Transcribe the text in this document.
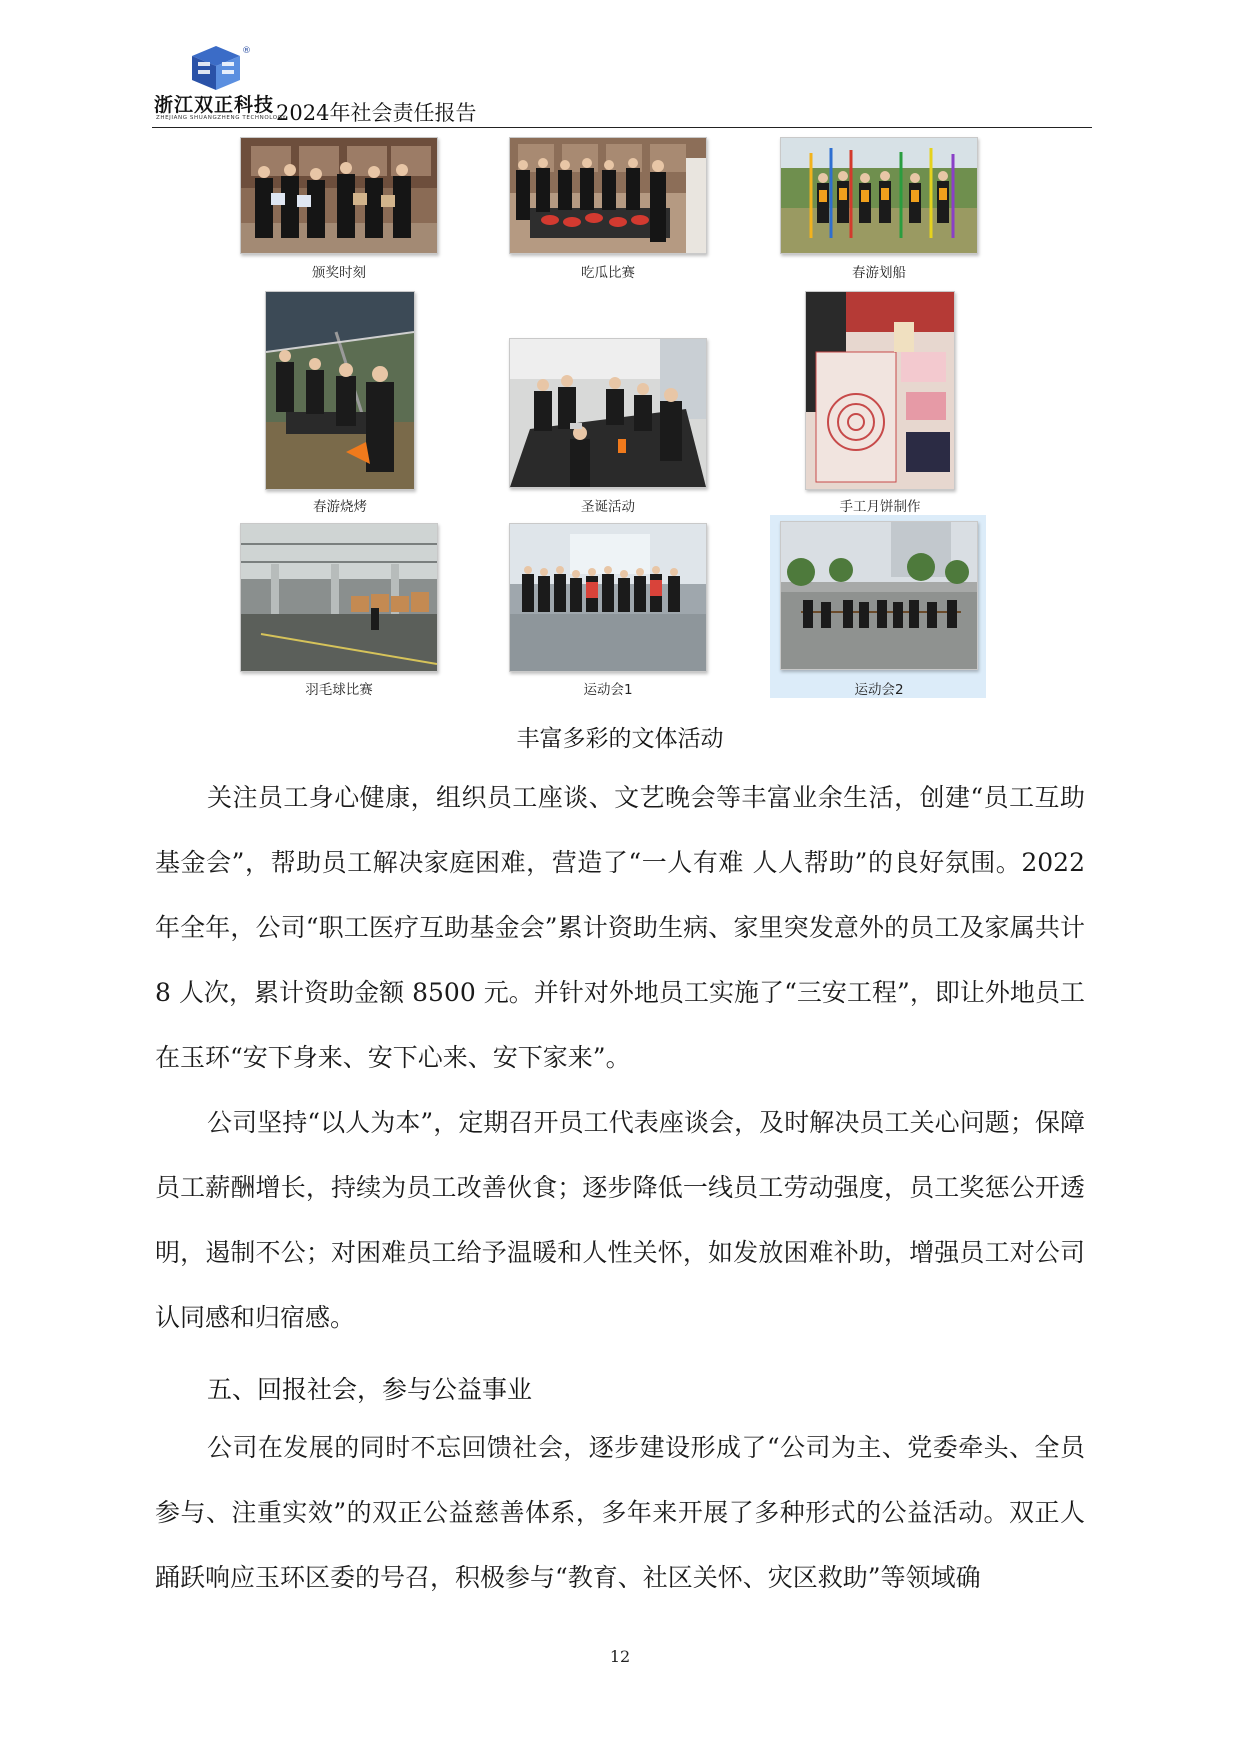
®
浙江双正科技
ZHEJIANG SHUANGZHENG TECHNOLOGY
2024年社会责任报告
颁奖时刻	吃瓜比赛	春游划船
春游烧烤	圣诞活动	手工月饼制作
羽毛球比赛	运动会1	运动会2
丰富多彩的文体活动
关注员工身心健康，组织员工座谈、文艺晚会等丰富业余生活，创建“员工互助基金会”，帮助员工解决家庭困难，营造了“一人有难 人人帮助”的良好氛围。2022 年全年，公司“职工医疗互助基金会”累计资助生病、家里突发意外的员工及家属共计 8 人次，累计资助金额 8500 元。并针对外地员工实施了“三安工程”，即让外地员工在玉环“安下身来、安下心来、安下家来”。
公司坚持“以人为本”，定期召开员工代表座谈会，及时解决员工关心问题；保障员工薪酬增长，持续为员工改善伙食；逐步降低一线员工劳动强度，员工奖惩公开透明，遏制不公；对困难员工给予温暖和人性关怀，如发放困难补助，增强员工对公司认同感和归宿感。
五、回报社会，参与公益事业
公司在发展的同时不忘回馈社会，逐步建设形成了“公司为主、党委牵头、全员参与、注重实效”的双正公益慈善体系，多年来开展了多种形式的公益活动。双正人踊跃响应玉环区委的号召，积极参与“教育、社区关怀、灾区救助”等领域确
12
